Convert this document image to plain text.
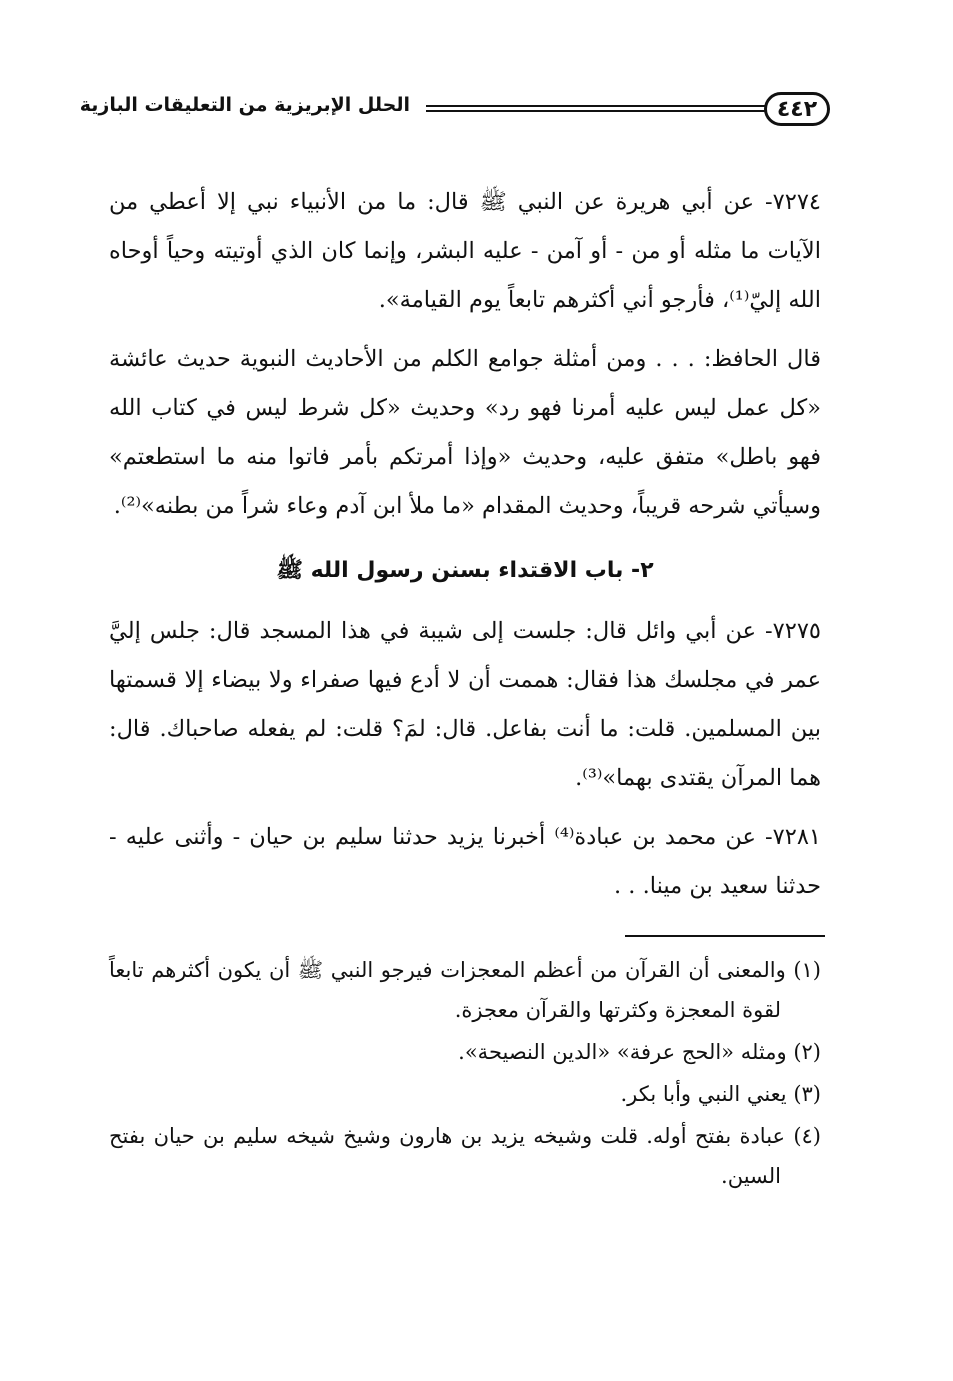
٤٤٢
الحلل الإبريزية من التعليقات البازية

٧٢٧٤- عن أبي هريرة عن النبي ﷺ قال: ما من الأنبياء نبي إلا أعطي من الآيات ما مثله أو من - أو آمن - عليه البشر، وإنما كان الذي أوتيته وحياً أوحاه الله إليّ⁽¹⁾، فأرجو أني أكثرهم تابعاً يوم القيامة».

قال الحافظ: . . . ومن أمثلة جوامع الكلم من الأحاديث النبوية حديث عائشة «كل عمل ليس عليه أمرنا فهو رد» وحديث «كل شرط ليس في كتاب الله فهو باطل» متفق عليه، وحديث «وإذا أمرتكم بأمر فاتوا منه ما استطعتم» وسيأتي شرحه قريباً، وحديث المقدام «ما ملأ ابن آدم وعاء شراً من بطنه»⁽²⁾.

٢- باب الاقتداء بسنن رسول الله ﷺ

٧٢٧٥- عن أبي وائل قال: جلست إلى شيبة في هذا المسجد قال: جلس إليَّ عمر في مجلسك هذا فقال: هممت أن لا أدع فيها صفراء ولا بيضاء إلا قسمتها بين المسلمين. قلت: ما أنت بفاعل. قال: لمَ؟ قلت: لم يفعله صاحباك. قال: هما المرآن يقتدى بهما»⁽³⁾.

٧٢٨١- عن محمد بن عبادة⁽⁴⁾ أخبرنا يزيد حدثنا سليم بن حيان - وأثنى عليه - حدثنا سعيد بن مينا. . .

(١) والمعنى أن القرآن من أعظم المعجزات فيرجو النبي ﷺ أن يكون أكثرهم تابعاً لقوة المعجزة وكثرتها والقرآن معجزة.

(٢) ومثله «الحج عرفة» «الدين النصيحة».

(٣) يعني النبي وأبا بكر.

(٤) عبادة بفتح أوله. قلت وشيخه يزيد بن هارون وشيخ شيخه سليم بن حيان بفتح السين.
